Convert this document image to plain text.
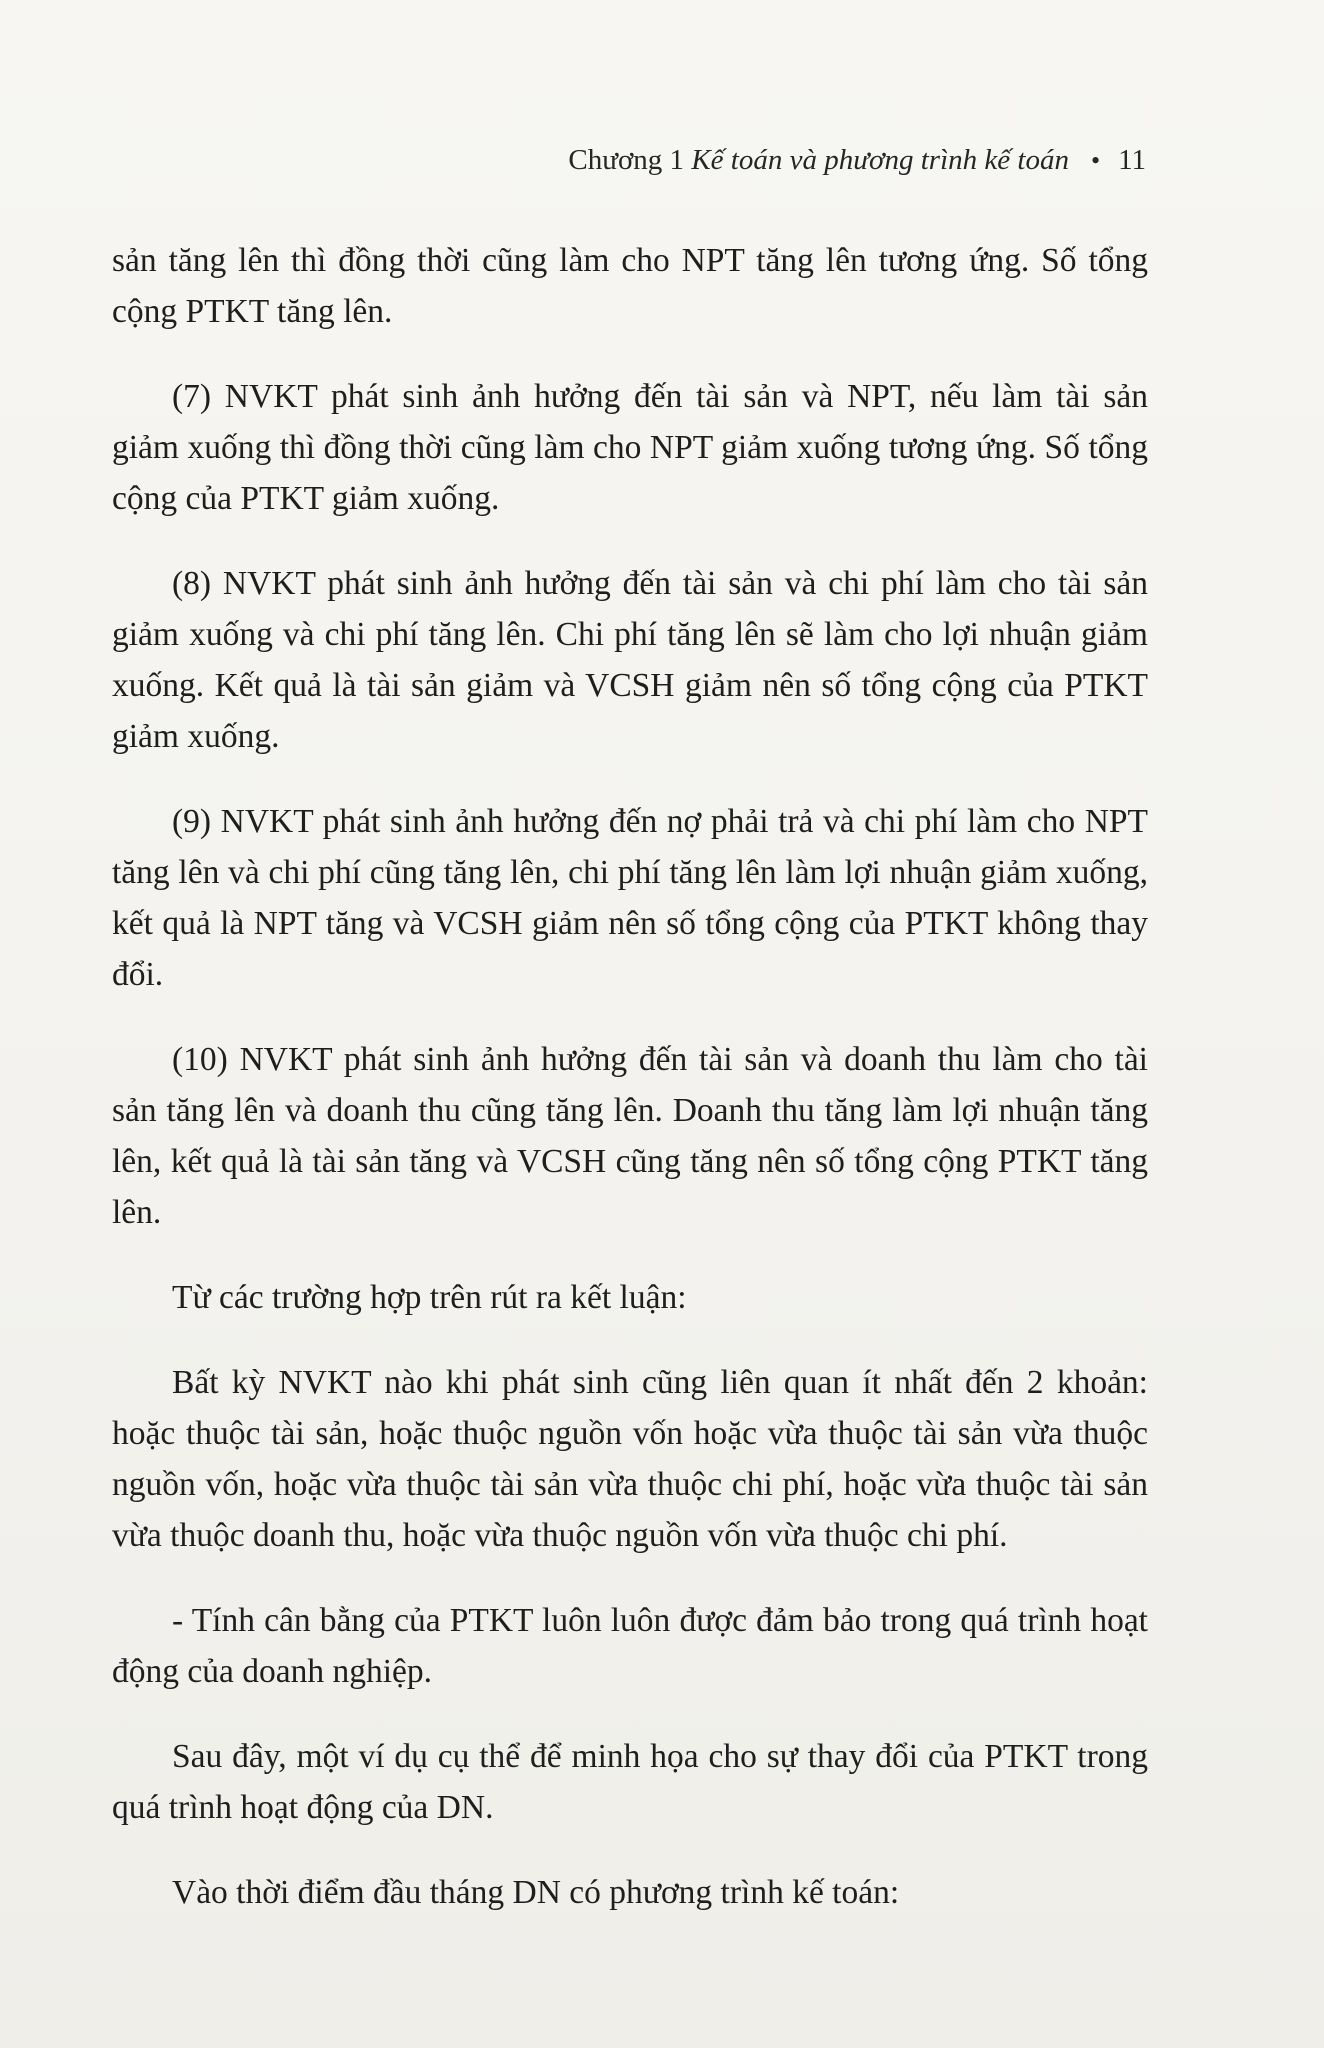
Chương 1 Kế toán và phương trình kế toán • 11

sản tăng lên thì đồng thời cũng làm cho NPT tăng lên tương ứng. Số tổng cộng PTKT tăng lên.

(7) NVKT phát sinh ảnh hưởng đến tài sản và NPT, nếu làm tài sản giảm xuống thì đồng thời cũng làm cho NPT giảm xuống tương ứng. Số tổng cộng của PTKT giảm xuống.

(8) NVKT phát sinh ảnh hưởng đến tài sản và chi phí làm cho tài sản giảm xuống và chi phí tăng lên. Chi phí tăng lên sẽ làm cho lợi nhuận giảm xuống. Kết quả là tài sản giảm và VCSH giảm nên số tổng cộng của PTKT giảm xuống.

(9) NVKT phát sinh ảnh hưởng đến nợ phải trả và chi phí làm cho NPT tăng lên và chi phí cũng tăng lên, chi phí tăng lên làm lợi nhuận giảm xuống, kết quả là NPT tăng và VCSH giảm nên số tổng cộng của PTKT không thay đổi.

(10) NVKT phát sinh ảnh hưởng đến tài sản và doanh thu làm cho tài sản tăng lên và doanh thu cũng tăng lên. Doanh thu tăng làm lợi nhuận tăng lên, kết quả là tài sản tăng và VCSH cũng tăng nên số tổng cộng PTKT tăng lên.

Từ các trường hợp trên rút ra kết luận:

Bất kỳ NVKT nào khi phát sinh cũng liên quan ít nhất đến 2 khoản: hoặc thuộc tài sản, hoặc thuộc nguồn vốn hoặc vừa thuộc tài sản vừa thuộc nguồn vốn, hoặc vừa thuộc tài sản vừa thuộc chi phí, hoặc vừa thuộc tài sản vừa thuộc doanh thu, hoặc vừa thuộc nguồn vốn vừa thuộc chi phí.

- Tính cân bằng của PTKT luôn luôn được đảm bảo trong quá trình hoạt động của doanh nghiệp.

Sau đây, một ví dụ cụ thể để minh họa cho sự thay đổi của PTKT trong quá trình hoạt động của DN.

Vào thời điểm đầu tháng DN có phương trình kế toán:
